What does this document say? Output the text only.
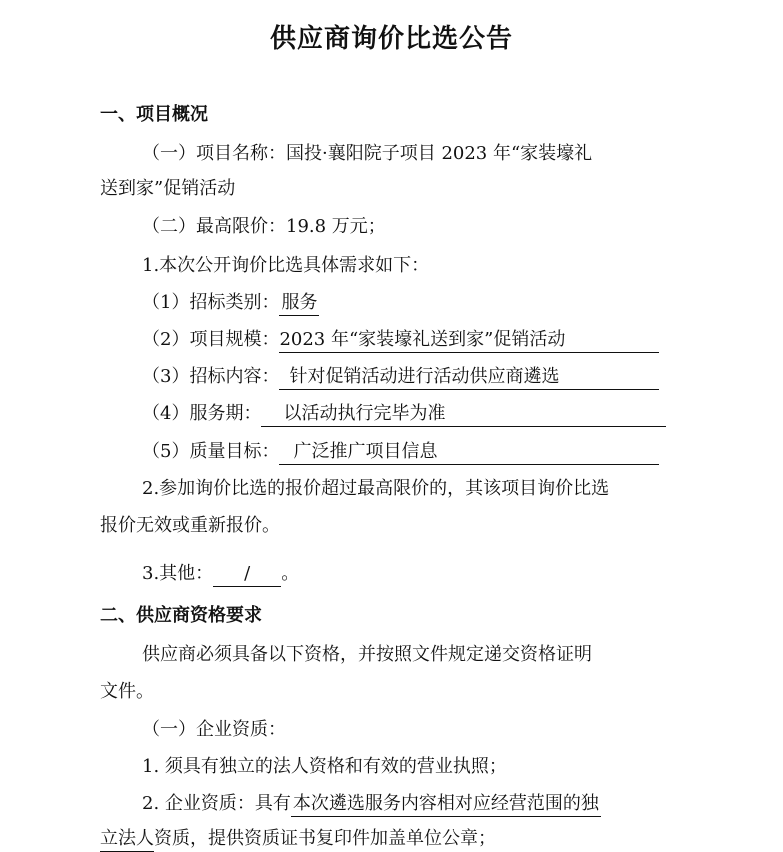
供应商询价比选公告
一、项目概况
（一）项目名称：国投·襄阳院子项目 2023 年“家装壕礼
送到家”促销活动
（二）最高限价：19.8 万元；
1.本次公开询价比选具体需求如下：
（1）招标类别： 服务
（2）项目规模：2023 年“家装壕礼送到家”促销活动
（3）招标内容： 针对促销活动进行活动供应商遴选
（4）服务期： 以活动执行完毕为准
（5）质量目标： 广泛推广项目信息
2.参加询价比选的报价超过最高限价的，其该项目询价比选
报价无效或重新报价。
3.其他： / 。
二、供应商资格要求
供应商必须具备以下资格，并按照文件规定递交资格证明
文件。
（一）企业资质：
1. 须具有独立的法人资格和有效的营业执照；
2. 企业资质：具有 本次遴选服务内容相对应经营范围的独
立法人资质，提供资质证书复印件加盖单位公章；
